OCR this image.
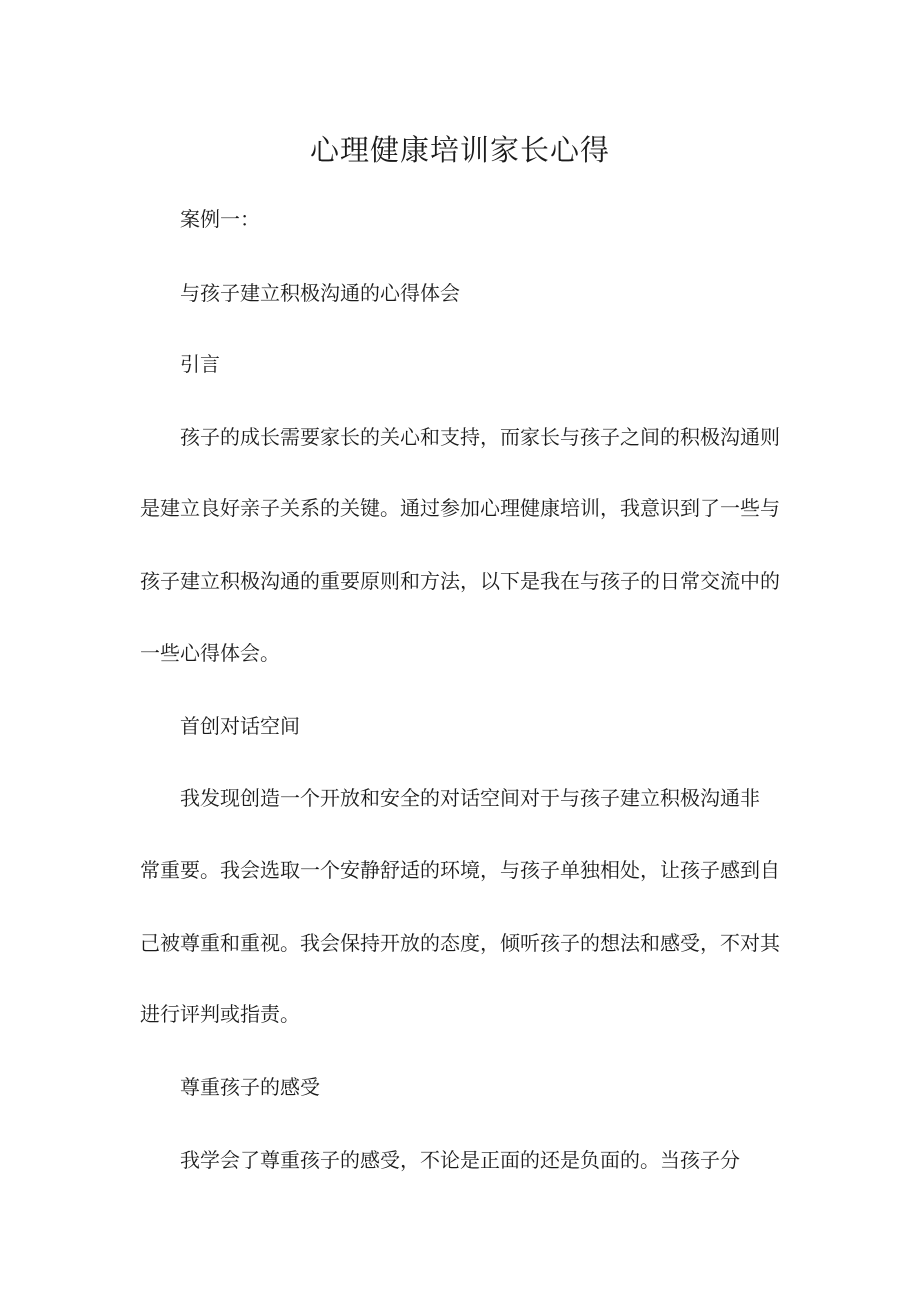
心理健康培训家长心得

案例一：

与孩子建立积极沟通的心得体会

引言

孩子的成长需要家长的关心和支持，而家长与孩子之间的积极沟通则

是建立良好亲子关系的关键。通过参加心理健康培训，我意识到了一些与

孩子建立积极沟通的重要原则和方法，以下是我在与孩子的日常交流中的

一些心得体会。

首创对话空间

我发现创造一个开放和安全的对话空间对于与孩子建立积极沟通非

常重要。我会选取一个安静舒适的环境，与孩子单独相处，让孩子感到自

己被尊重和重视。我会保持开放的态度，倾听孩子的想法和感受，不对其

进行评判或指责。

尊重孩子的感受

我学会了尊重孩子的感受，不论是正面的还是负面的。当孩子分
